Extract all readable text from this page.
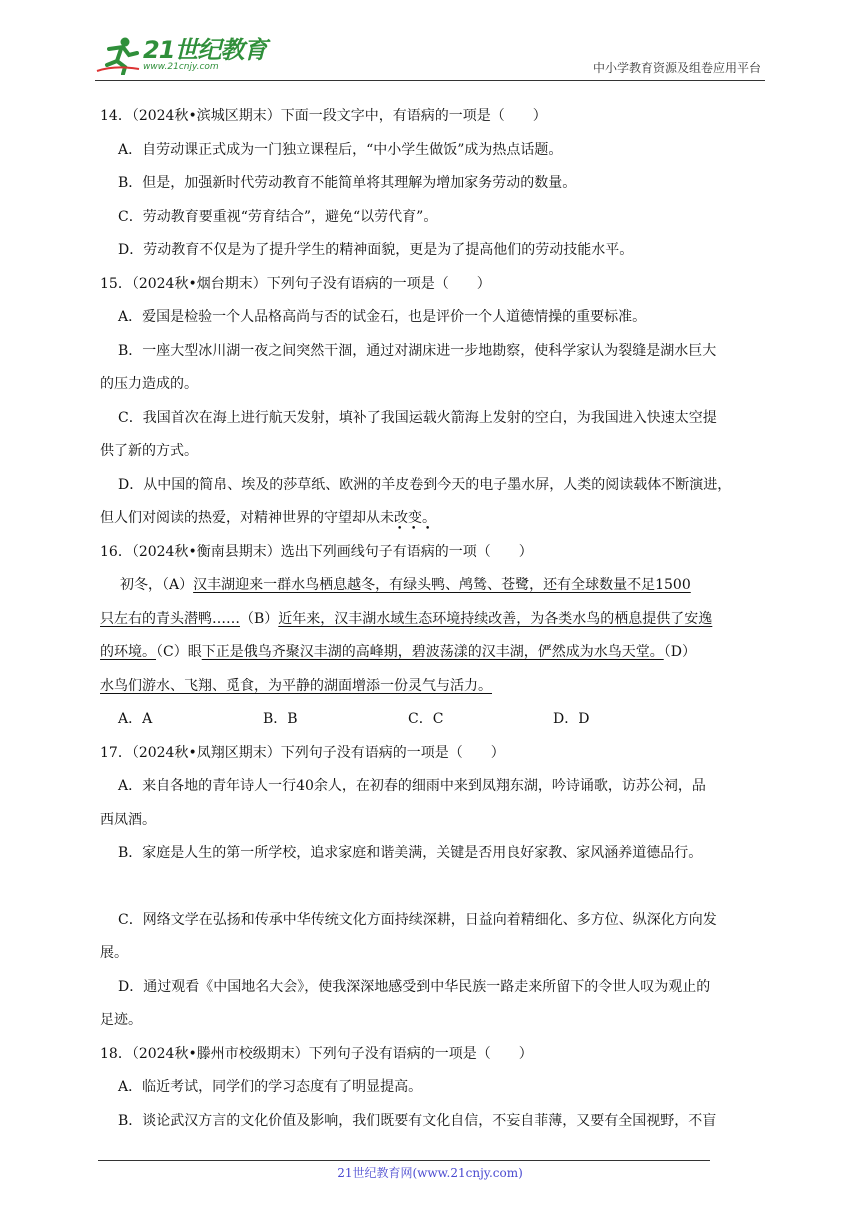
21世纪教育
www.21cnjy.com	中小学教育资源及组卷应用平台
14．（2024秋•滨城区期末）下面一段文字中，有语病的一项是（　　）
A．自劳动课正式成为一门独立课程后，“中小学生做饭”成为热点话题。
B．但是，加强新时代劳动教育不能简单将其理解为增加家务劳动的数量。
C．劳动教育要重视“劳育结合”，避免“以劳代育”。
D．劳动教育不仅是为了提升学生的精神面貌，更是为了提高他们的劳动技能水平。
15．（2024秋•烟台期末）下列句子没有语病的一项是（　　）
A．爱国是检验一个人品格高尚与否的试金石，也是评价一个人道德情操的重要标准。
B．一座大型冰川湖一夜之间突然干涸，通过对湖床进一步地勘察，使科学家认为裂缝是湖水巨大
的压力造成的。
C．我国首次在海上进行航天发射，填补了我国运载火箭海上发射的空白，为我国进入快速太空提
供了新的方式。
D．从中国的简帛、埃及的莎草纸、欧洲的羊皮卷到今天的电子墨水屏，人类的阅读载体不断演进，
但人们对阅读的热爱，对精神世界的守望却从未改变。
16．（2024秋•衡南县期末）选出下列画线句子有语病的一项（　　）
初冬，（A）汉丰湖迎来一群水鸟栖息越冬，有绿头鸭、鸬鸶、苍鹭，还有全球数量不足1500
只左右的青头潜鸭……（B）近年来，汉丰湖水域生态环境持续改善，为各类水鸟的栖息提供了安逸
的环境。（C）眼下正是俄鸟齐聚汉丰湖的高峰期，碧波荡漾的汉丰湖，俨然成为水鸟天堂。（D）
水鸟们游水、飞翔、觅食，为平静的湖面增添一份灵气与活力。
A．A	B．B	C．C	D．D
17．（2024秋•凤翔区期末）下列句子没有语病的一项是（　　）
A．来自各地的青年诗人一行40余人，在初春的细雨中来到凤翔东湖，吟诗诵歌，访苏公祠，品
西凤酒。
B．家庭是人生的第一所学校，追求家庭和谐美满，关键是否用良好家教、家风涵养道德品行。
C．网络文学在弘扬和传承中华传统文化方面持续深耕，日益向着精细化、多方位、纵深化方向发
展。
D．通过观看《中国地名大会》，使我深深地感受到中华民族一路走来所留下的令世人叹为观止的
足迹。
18．（2024秋•滕州市校级期末）下列句子没有语病的一项是（　　）
A．临近考试，同学们的学习态度有了明显提高。
B．谈论武汉方言的文化价值及影响，我们既要有文化自信，不妄自菲薄，又要有全国视野，不盲
21世纪教育网(www.21cnjy.com)
